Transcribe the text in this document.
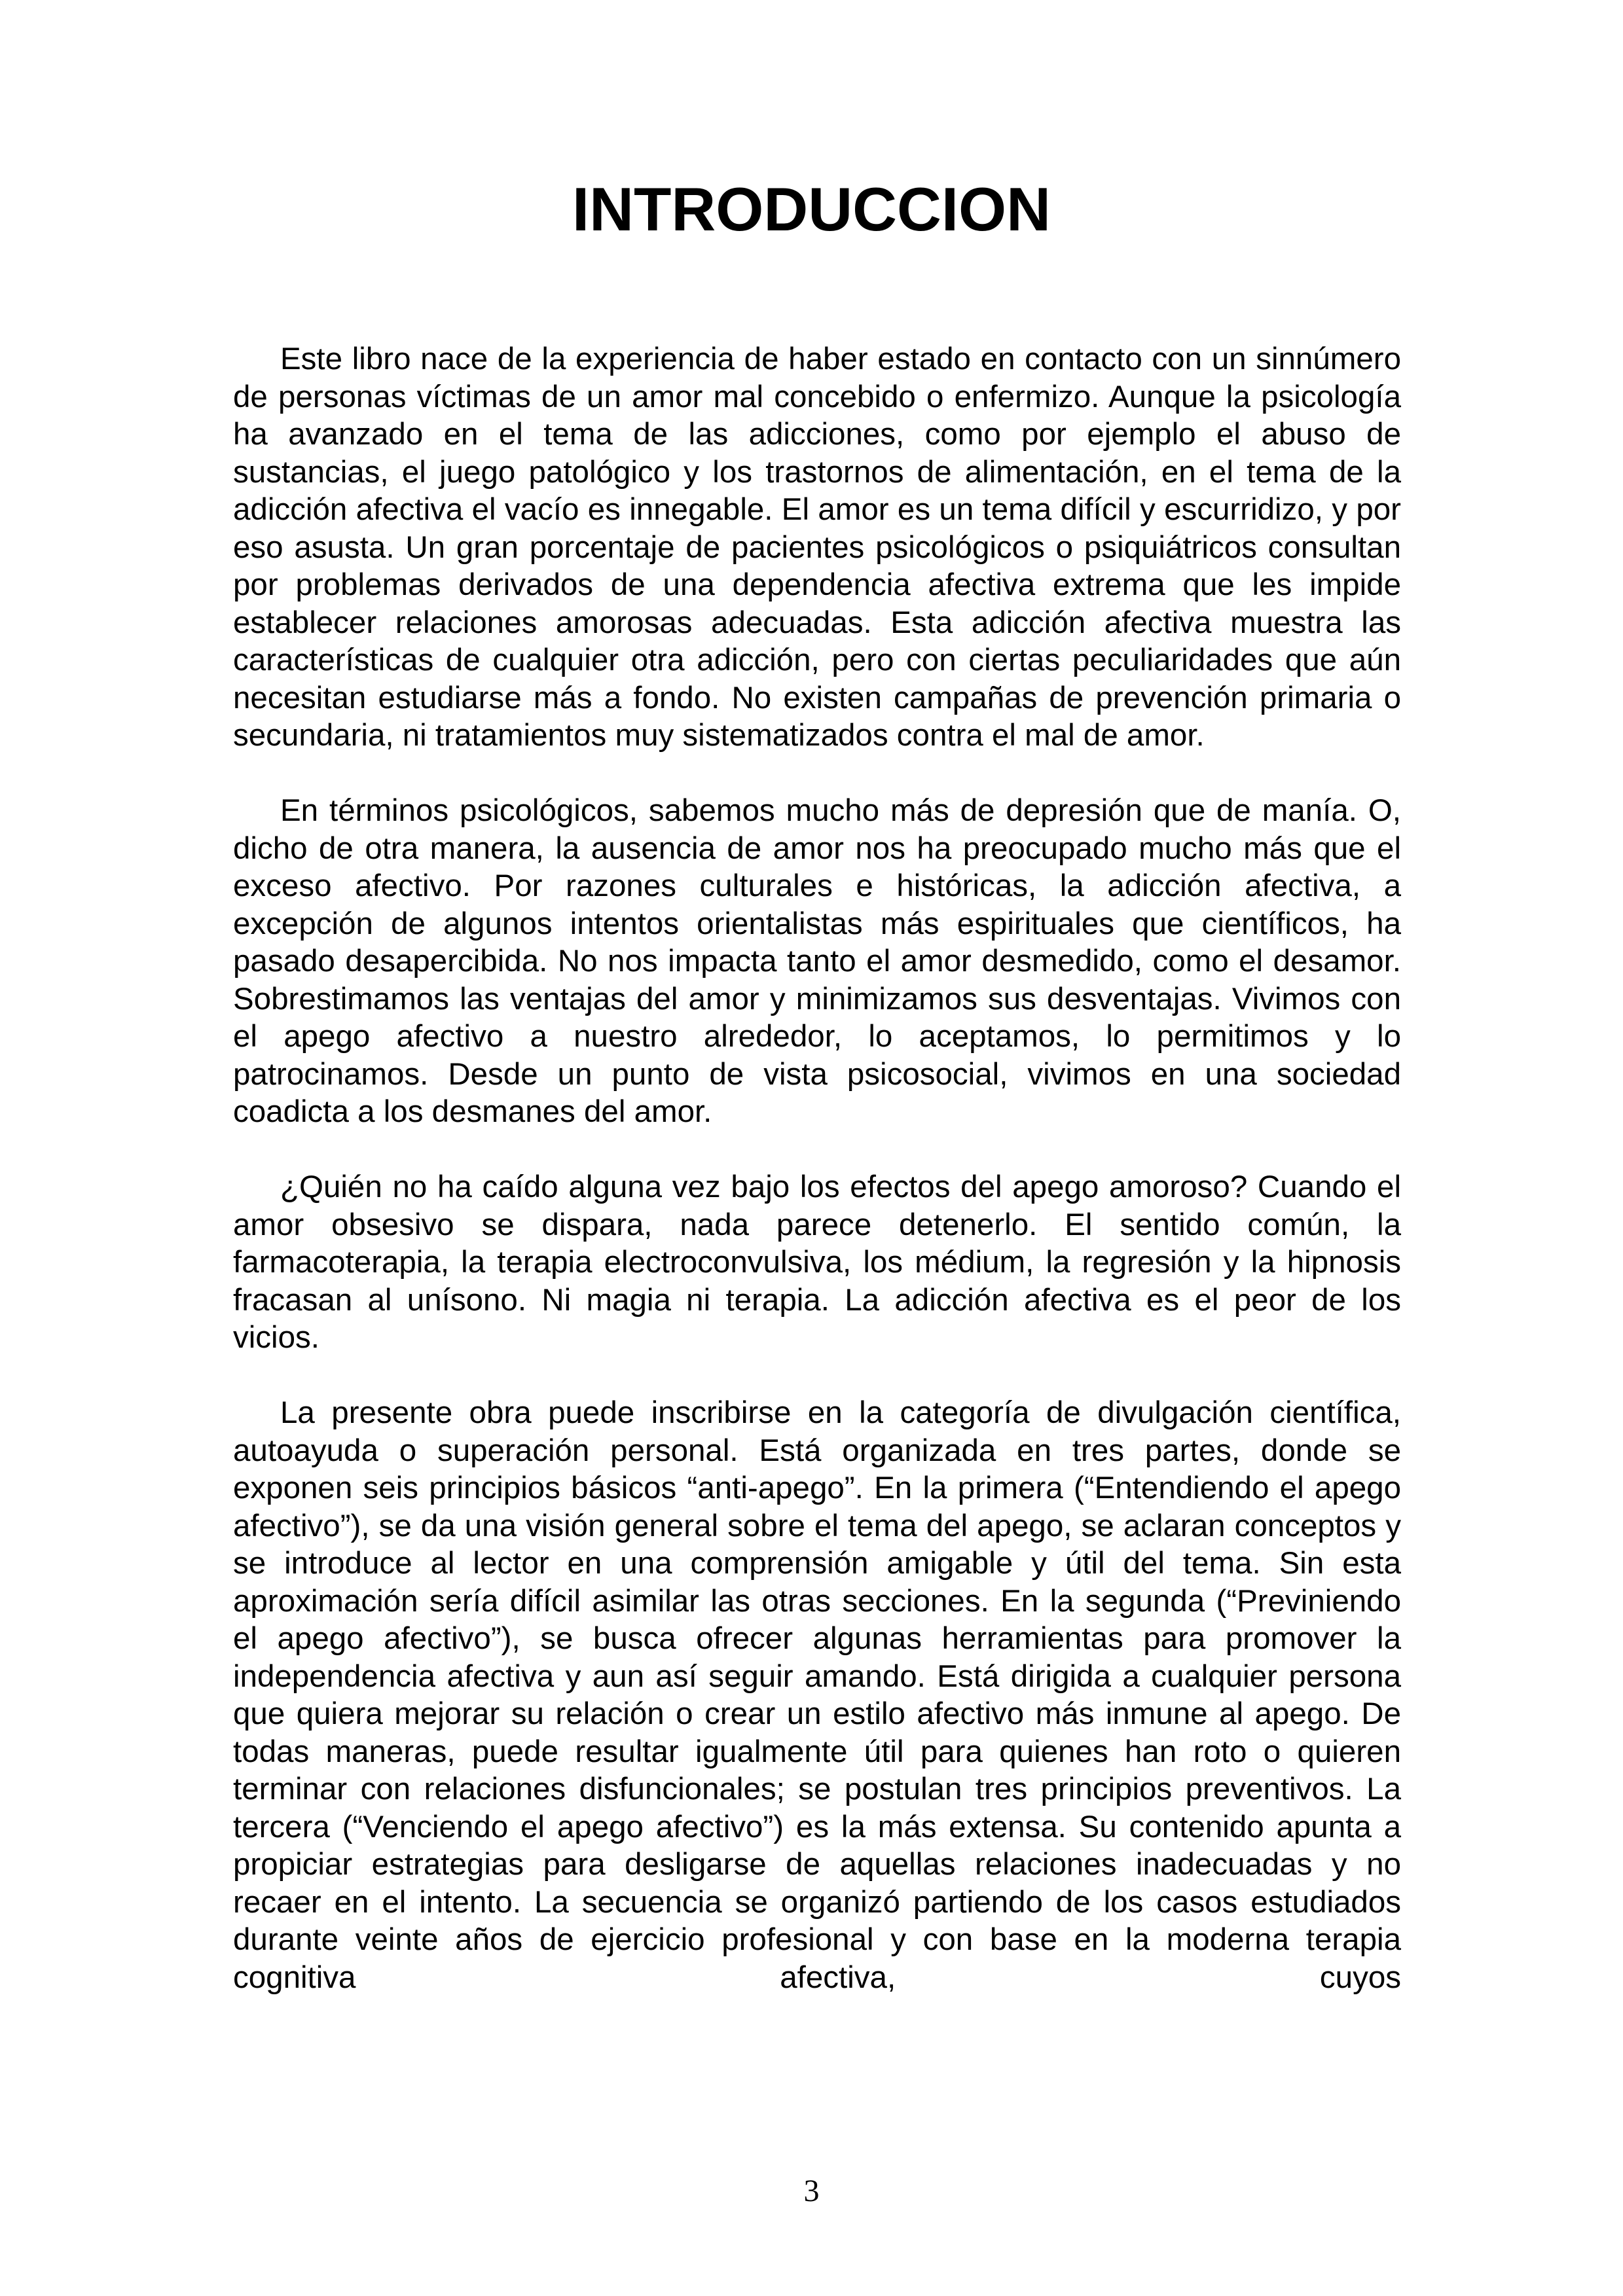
INTRODUCCION

Este libro nace de la experiencia de haber estado en contacto con un sinnúmero de personas víctimas de un amor mal concebido o enfermizo. Aunque la psicología ha avanzado en el tema de las adicciones, como por ejemplo el abuso de sustancias, el juego patológico y los trastornos de alimentación, en el tema de la adicción afectiva el vacío es innegable. El amor es un tema difícil y escurridizo, y por eso asusta. Un gran porcentaje de pacientes psicológicos o psiquiátricos consultan por problemas derivados de una dependencia afectiva extrema que les impide establecer relaciones amorosas adecuadas. Esta adicción afectiva muestra las características de cualquier otra adicción, pero con ciertas peculiaridades que aún necesitan estudiarse más a fondo. No existen campañas de prevención primaria o secundaria, ni tratamientos muy sistematizados contra el mal de amor.

En términos psicológicos, sabemos mucho más de depresión que de manía. O, dicho de otra manera, la ausencia de amor nos ha preocupado mucho más que el exceso afectivo. Por razones culturales e históricas, la adicción afectiva, a excepción de algunos intentos orientalistas más espirituales que científicos, ha pasado desapercibida. No nos impacta tanto el amor desmedido, como el desamor. Sobrestimamos las ventajas del amor y minimizamos sus desventajas. Vivimos con el apego afectivo a nuestro alrededor, lo aceptamos, lo permitimos y lo patrocinamos. Desde un punto de vista psicosocial, vivimos en una sociedad coadicta a los desmanes del amor.

¿Quién no ha caído alguna vez bajo los efectos del apego amoroso? Cuando el amor obsesivo se dispara, nada parece detenerlo. El sentido común, la farmacoterapia, la terapia electroconvulsiva, los médium, la regresión y la hipnosis fracasan al unísono. Ni magia ni terapia. La adicción afectiva es el peor de los vicios.

La presente obra puede inscribirse en la categoría de divulgación científica, autoayuda o superación personal. Está organizada en tres partes, donde se exponen seis principios básicos “anti-apego”. En la primera (“Entendiendo el apego afectivo”), se da una visión general sobre el tema del apego, se aclaran conceptos y se introduce al lector en una comprensión amigable y útil del tema. Sin esta aproximación sería difícil asimilar las otras secciones. En la segunda (“Previniendo el apego afectivo”), se busca ofrecer algunas herramientas para promover la independencia afectiva y aun así seguir amando. Está dirigida a cualquier persona que quiera mejorar su relación o crear un estilo afectivo más inmune al apego. De todas maneras, puede resultar igualmente útil para quienes han roto o quieren terminar con relaciones disfuncionales; se postulan tres principios preventivos. La tercera (“Venciendo el apego afectivo”) es la más extensa. Su contenido apunta a propiciar estrategias para desligarse de aquellas relaciones inadecuadas y no recaer en el intento. La secuencia se organizó partiendo de los casos estudiados durante veinte años de ejercicio profesional y con base en la moderna terapia cognitiva afectiva, cuyos

3
